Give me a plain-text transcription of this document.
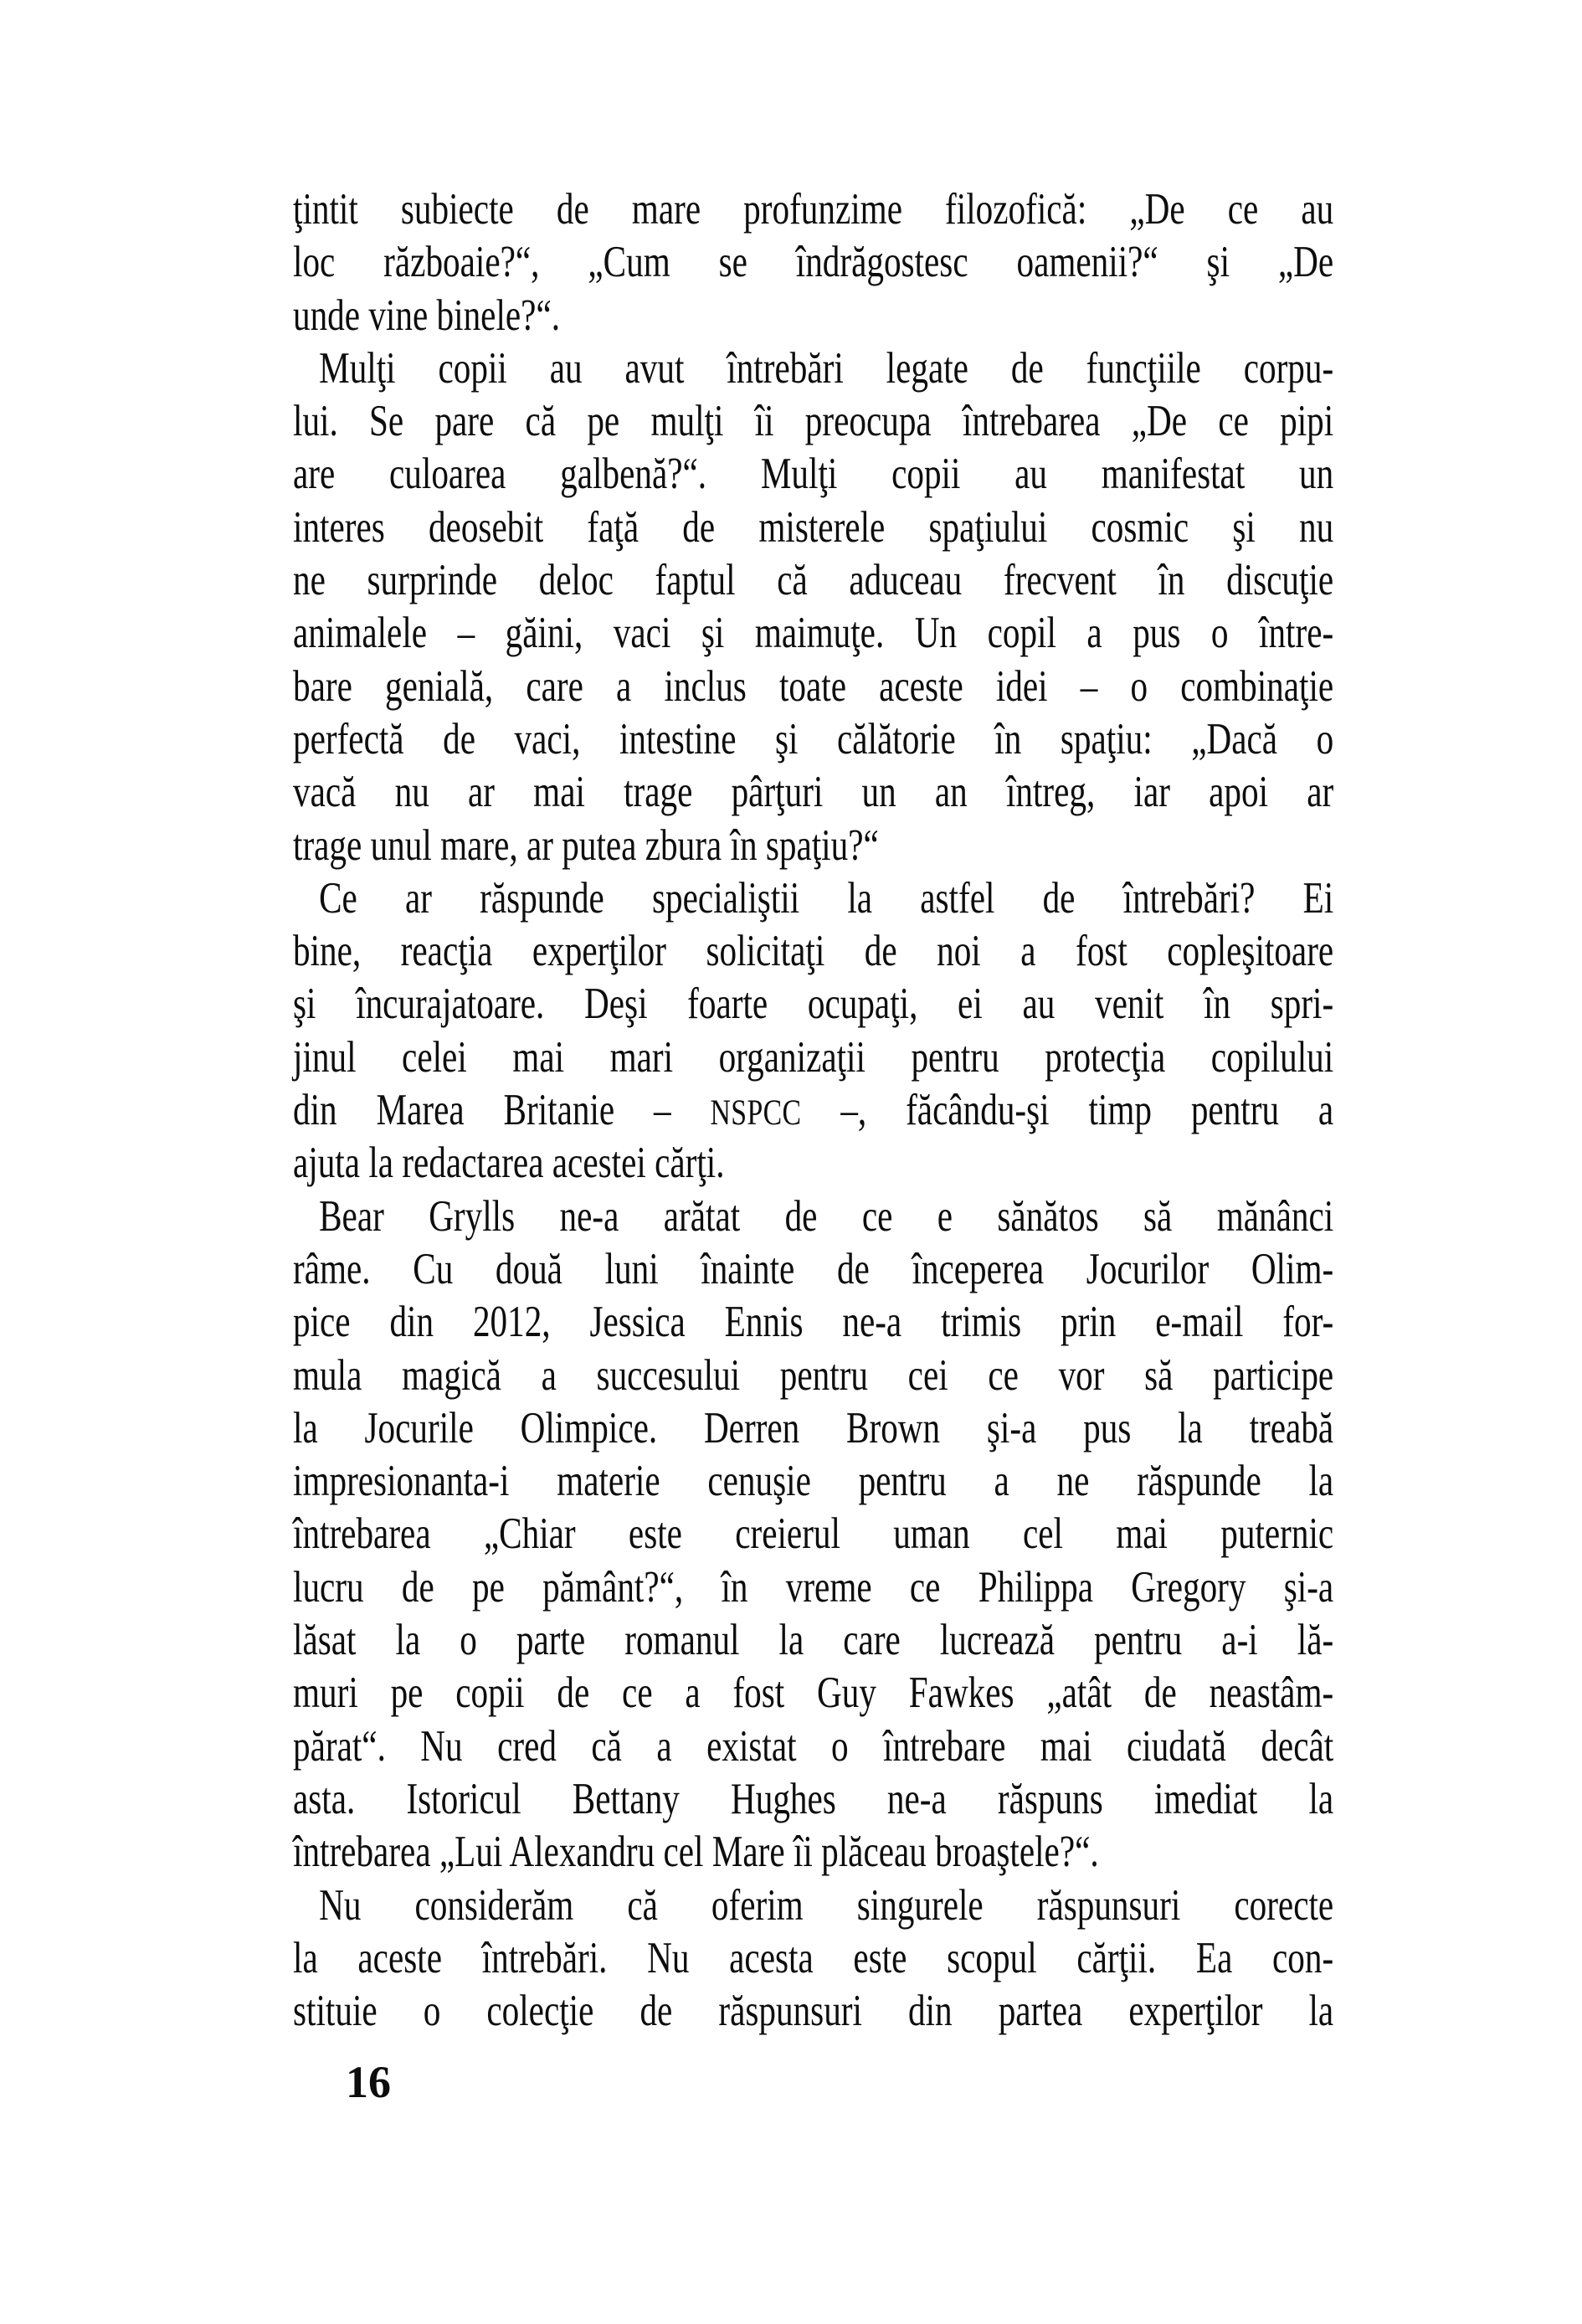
ţintit subiecte de mare profunzime filozofică: „De ce au
loc războaie?“, „Cum se îndrăgostesc oamenii?“ şi „De
unde vine binele?“.
Mulţi copii au avut întrebări legate de funcţiile corpu-
lui. Se pare că pe mulţi îi preocupa întrebarea „De ce pipi
are culoarea galbenă?“. Mulţi copii au manifestat un
interes deosebit faţă de misterele spaţiului cosmic şi nu
ne surprinde deloc faptul că aduceau frecvent în discuţie
animalele – găini, vaci şi maimuţe. Un copil a pus o între-
bare genială, care a inclus toate aceste idei – o combinaţie
perfectă de vaci, intestine şi călătorie în spaţiu: „Dacă o
vacă nu ar mai trage pârţuri un an întreg, iar apoi ar
trage unul mare, ar putea zbura în spaţiu?“
Ce ar răspunde specialiştii la astfel de întrebări? Ei
bine, reacţia experţilor solicitaţi de noi a fost copleşitoare
şi încurajatoare. Deşi foarte ocupaţi, ei au venit în spri-
jinul celei mai mari organizaţii pentru protecţia copilului
din Marea Britanie – NSPCC –, făcându-şi timp pentru a
ajuta la redactarea acestei cărţi.
Bear Grylls ne-a arătat de ce e sănătos să mănânci
râme. Cu două luni înainte de începerea Jocurilor Olim-
pice din 2012, Jessica Ennis ne-a trimis prin e-mail for-
mula magică a succesului pentru cei ce vor să participe
la Jocurile Olimpice. Derren Brown şi-a pus la treabă
impresionanta-i materie cenuşie pentru a ne răspunde la
întrebarea „Chiar este creierul uman cel mai puternic
lucru de pe pământ?“, în vreme ce Philippa Gregory şi-a
lăsat la o parte romanul la care lucrează pentru a-i lă-
muri pe copii de ce a fost Guy Fawkes „atât de neastâm-
părat“. Nu cred că a existat o întrebare mai ciudată decât
asta. Istoricul Bettany Hughes ne-a răspuns imediat la
întrebarea „Lui Alexandru cel Mare îi plăceau broaştele?“.
Nu considerăm că oferim singurele răspunsuri corecte
la aceste întrebări. Nu acesta este scopul cărţii. Ea con-
stituie o colecţie de răspunsuri din partea experţilor la
16
